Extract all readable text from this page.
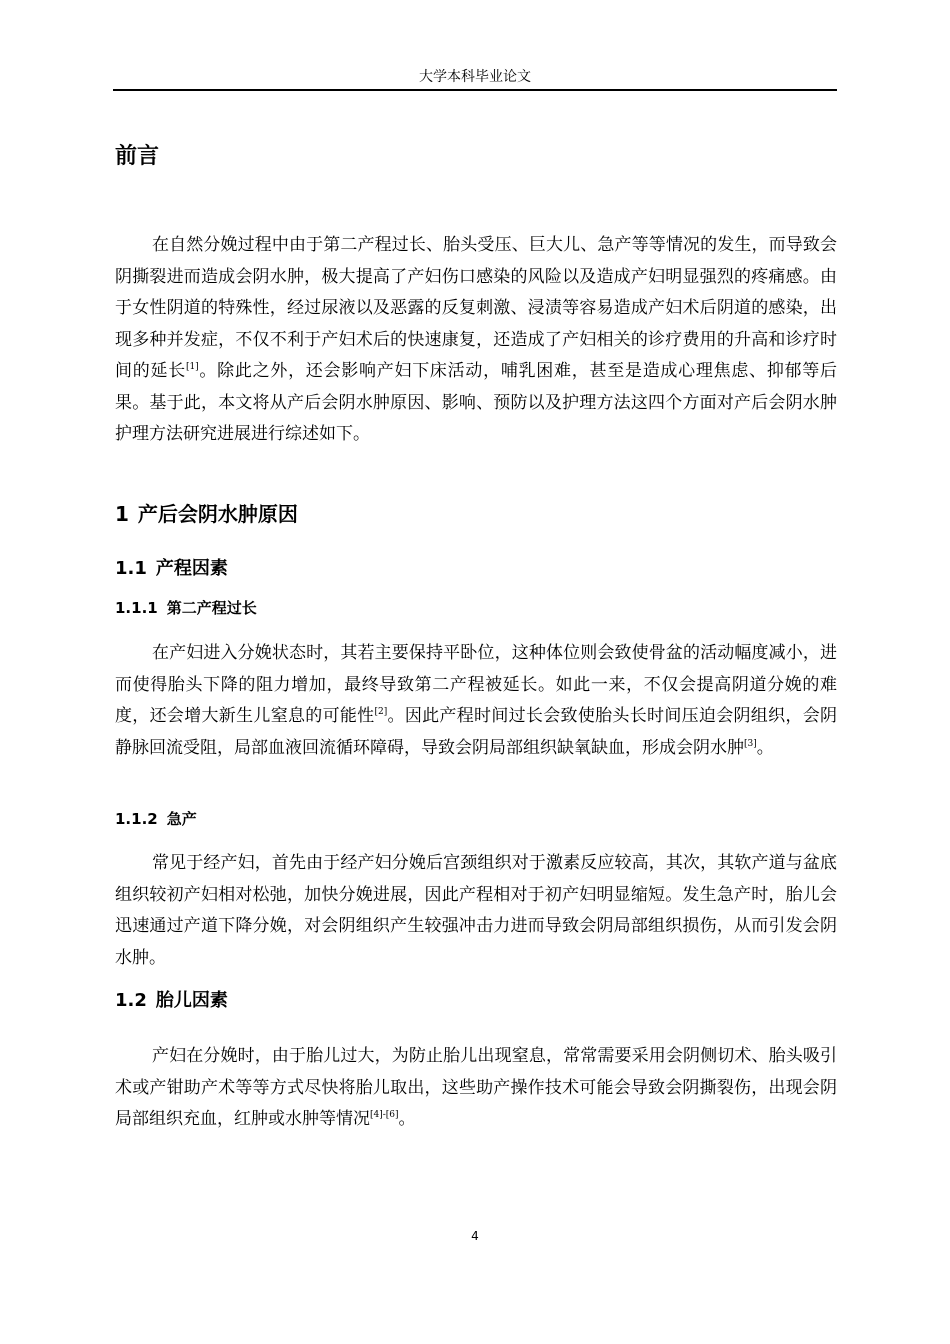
大学本科毕业论文
前言

在自然分娩过程中由于第二产程过长、胎头受压、巨大儿、急产等等情况的发生，而导致会阴撕裂进而造成会阴水肿，极大提高了产妇伤口感染的风险以及造成产妇明显强烈的疼痛感。由于女性阴道的特殊性，经过尿液以及恶露的反复刺激、浸渍等容易造成产妇术后阴道的感染，出现多种并发症，不仅不利于产妇术后的快速康复，还造成了产妇相关的诊疗费用的升高和诊疗时间的延长[1]。除此之外，还会影响产妇下床活动，哺乳困难，甚至是造成心理焦虑、抑郁等后果。基于此，本文将从产后会阴水肿原因、影响、预防以及护理方法这四个方面对产后会阴水肿护理方法研究进展进行综述如下。

1 产后会阴水肿原因
1.1 产程因素
1.1.1 第二产程过长

在产妇进入分娩状态时，其若主要保持平卧位，这种体位则会致使骨盆的活动幅度减小，进而使得胎头下降的阻力增加，最终导致第二产程被延长。如此一来，不仅会提高阴道分娩的难度，还会增大新生儿窒息的可能性[2]。因此产程时间过长会致使胎头长时间压迫会阴组织，会阴静脉回流受阻，局部血液回流循环障碍，导致会阴局部组织缺氧缺血，形成会阴水肿[3]。

1.1.2 急产

常见于经产妇，首先由于经产妇分娩后宫颈组织对于激素反应较高，其次，其软产道与盆底组织较初产妇相对松弛，加快分娩进展，因此产程相对于初产妇明显缩短。发生急产时，胎儿会迅速通过产道下降分娩，对会阴组织产生较强冲击力进而导致会阴局部组织损伤，从而引发会阴水肿。

1.2 胎儿因素

产妇在分娩时，由于胎儿过大，为防止胎儿出现窒息，常常需要采用会阴侧切术、胎头吸引术或产钳助产术等等方式尽快将胎儿取出，这些助产操作技术可能会导致会阴撕裂伤，出现会阴局部组织充血，红肿或水肿等情况[4]-[6]。

4
